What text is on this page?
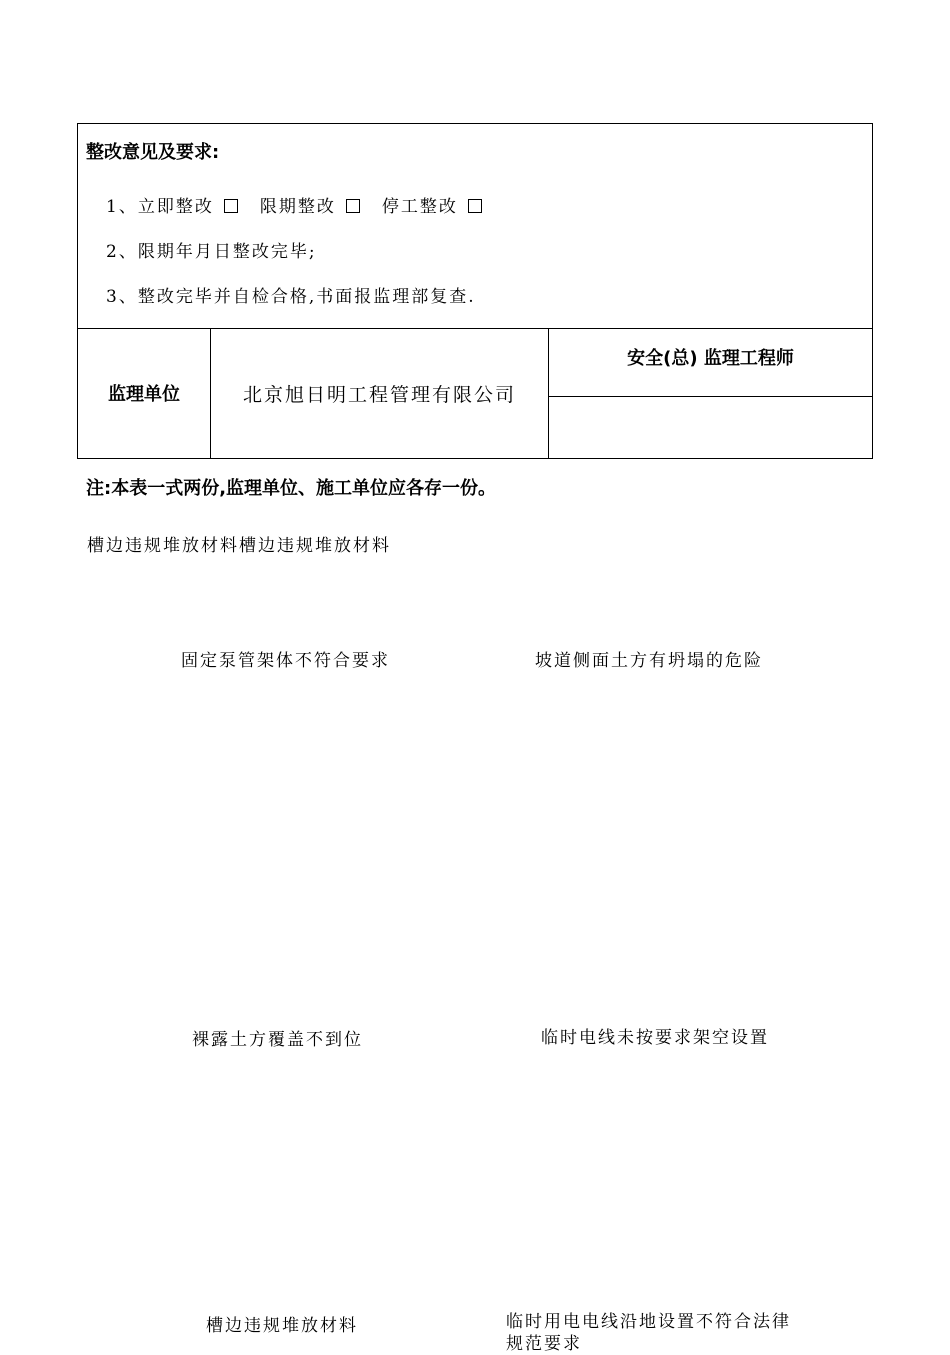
整改意见及要求:
1、立即整改	限期整改	停工整改
2、限期年月日整改完毕;
3、整改完毕并自检合格,书面报监理部复查.
监理单位	北京旭日明工程管理有限公司
安全(总) 监理工程师
注:本表一式两份,监理单位、施工单位应各存一份。
槽边违规堆放材料槽边违规堆放材料
固定泵管架体不符合要求	坡道侧面土方有坍塌的危险
裸露土方覆盖不到位	临时电线未按要求架空设置
槽边违规堆放材料	临时用电电线沿地设置不符合法律规范要求
